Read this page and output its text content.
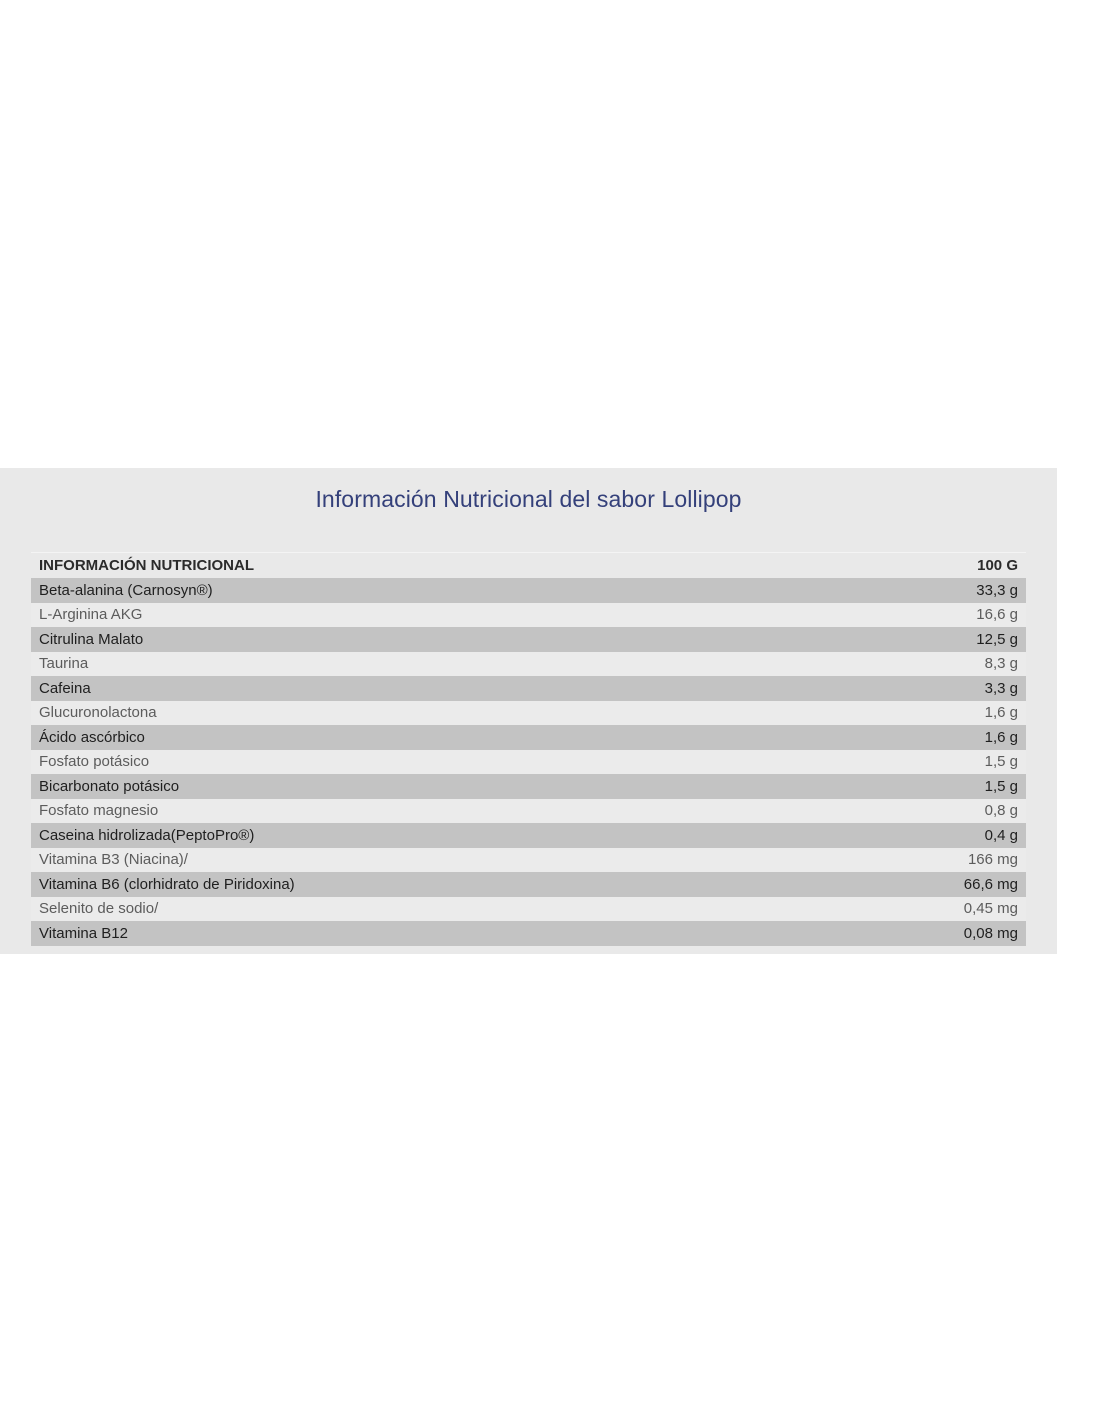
Información Nutricional del sabor Lollipop
INFORMACIÓN NUTRICIONAL	100 G
Beta-alanina (Carnosyn®)	33,3 g
L-Arginina AKG	16,6 g
Citrulina Malato	12,5 g
Taurina	8,3 g
Cafeina	3,3 g
Glucuronolactona	1,6 g
Ácido ascórbico	1,6 g
Fosfato potásico	1,5 g
Bicarbonato potásico	1,5 g
Fosfato magnesio	0,8 g
Caseina hidrolizada(PeptoPro®)	0,4 g
Vitamina B3 (Niacina)/	166 mg
Vitamina B6 (clorhidrato de Piridoxina)	66,6 mg
Selenito de sodio/	0,45 mg
Vitamina B12	0,08 mg
